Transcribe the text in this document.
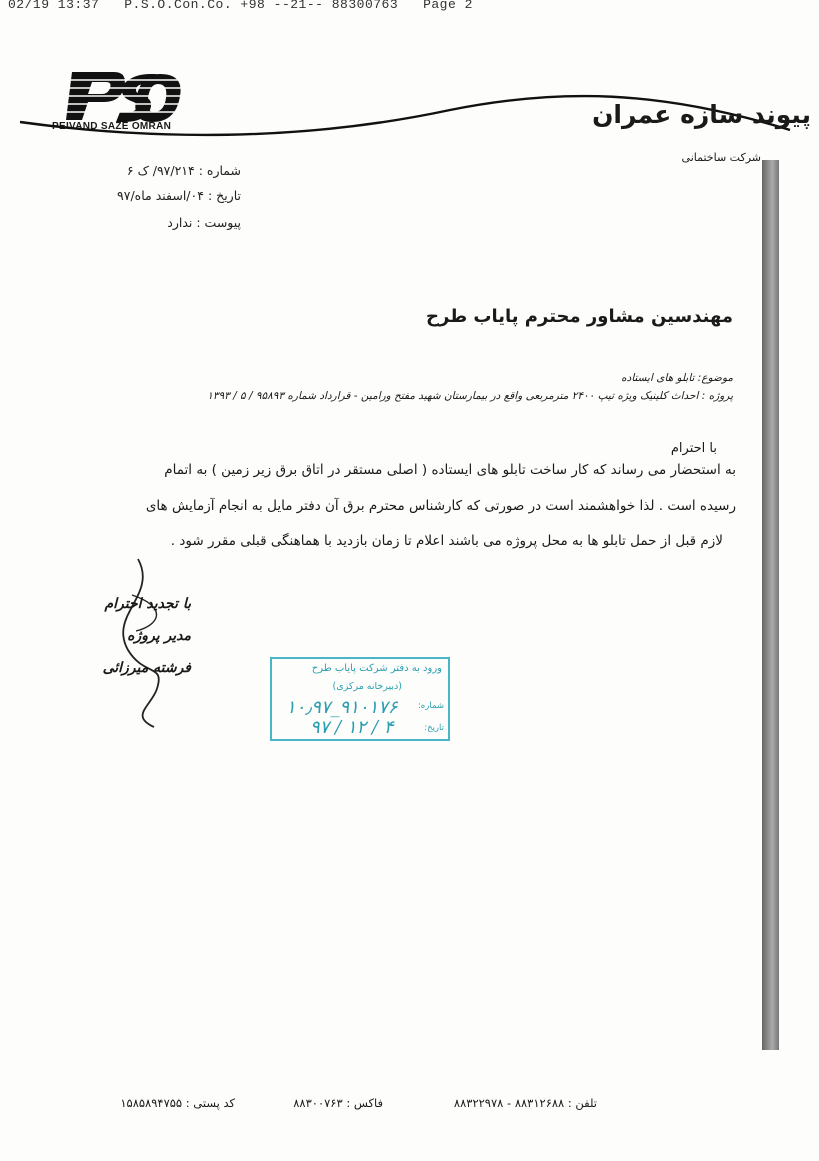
02/19 13:37   P.S.O.Con.Co. +98 --21-- 88300763   Page 2
PEIVAND SAZE OMRAN	پیوند سازه عمران
شرکت ساختمانی
شماره : ۹۷/۲۱۴/ ک ۶
تاریخ : ۰۴/اسفند ماه/۹۷
پیوست : ندارد
مهندسین مشاور محترم پایاب طرح
موضوع: تابلو های ایستاده
پروژه : احداث کلینیک ویژه تیپ ۲۴۰۰ مترمربعی واقع در بیمارستان شهید مفتح ورامین - قرارداد شماره ۹۵۸۹۳ / ۵ / ۱۳۹۳
با احترام
به استحضار می رساند که کار ساخت تابلو های ایستاده ( اصلی مستقر در اتاق برق زیر زمین ) به اتمام
رسیده است . لذا خواهشمند است در صورتی که کارشناس محترم برق آن دفتر مایل به انجام آزمایش های
لازم قبل از حمل تابلو ها به محل پروژه می باشند اعلام تا زمان بازدید با هماهنگی قبلی مقرر شود .
با تجدید احترام
مدیر پروژه
فرشته میرزائی	ورود به دفتر شرکت پایاب طرح
(دبیرخانه مرکزی)
شماره:
۱۰٫۹۷_۹۱۰۱۷۶
تاریخ:
۹۷ / ۱۲ / ۴
تلفن : ۸۸۳۱۲۶۸۸ - ۸۸۳۲۲۹۷۸
فاکس : ۸۸۳۰۰۷۶۳
کد پستی : ۱۵۸۵۸۹۴۷۵۵
